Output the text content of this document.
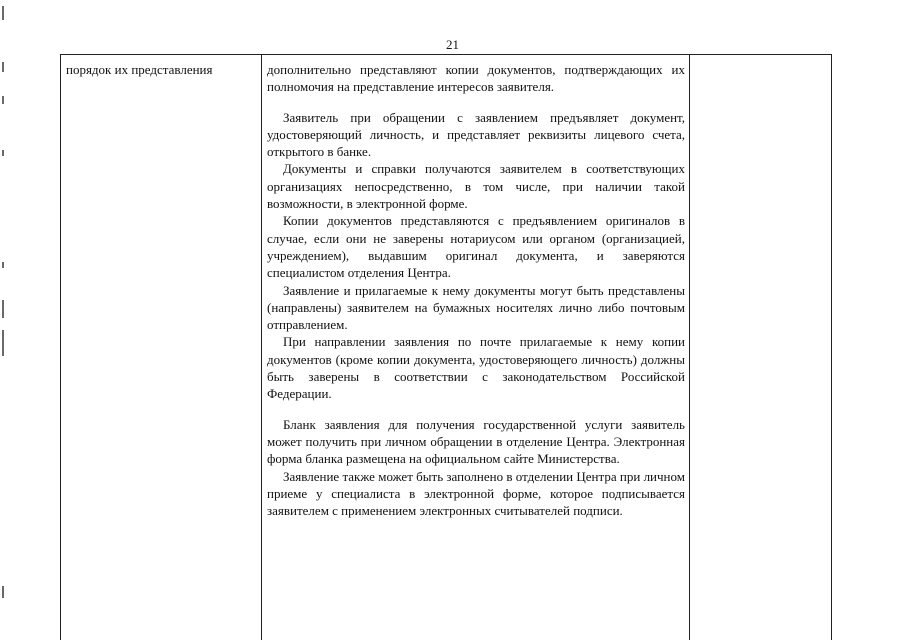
21
порядок их представления	дополнительно представляют копии документов, подтверждающих их полномочия на представление интересов заявителя.

Заявитель при обращении с заявлением предъявляет документ, удостоверяющий личность, и представляет реквизиты лицевого счета, открытого в банке.

Документы и справки получаются заявителем в соответствующих организациях непосредственно, в том числе, при наличии такой возможности, в электронной форме.

Копии документов представляются с предъявлением оригиналов в случае, если они не заверены нотариусом или органом (организацией, учреждением), выдавшим оригинал документа, и заверяются специалистом отделения Центра.

Заявление и прилагаемые к нему документы могут быть представлены (направлены) заявителем на бумажных носителях лично либо почтовым отправлением.

При направлении заявления по почте прилагаемые к нему копии документов (кроме копии документа, удостоверяющего личность) должны быть заверены в соответствии с законодательством Российской Федерации.

Бланк заявления для получения государственной услуги заявитель может получить при личном обращении в отделение Центра. Электронная форма бланка размещена на официальном сайте Министерства.

Заявление также может быть заполнено в отделении Центра при личном приеме у специалиста в электронной форме, которое подписывается заявителем с применением электронных считывателей подписи.
